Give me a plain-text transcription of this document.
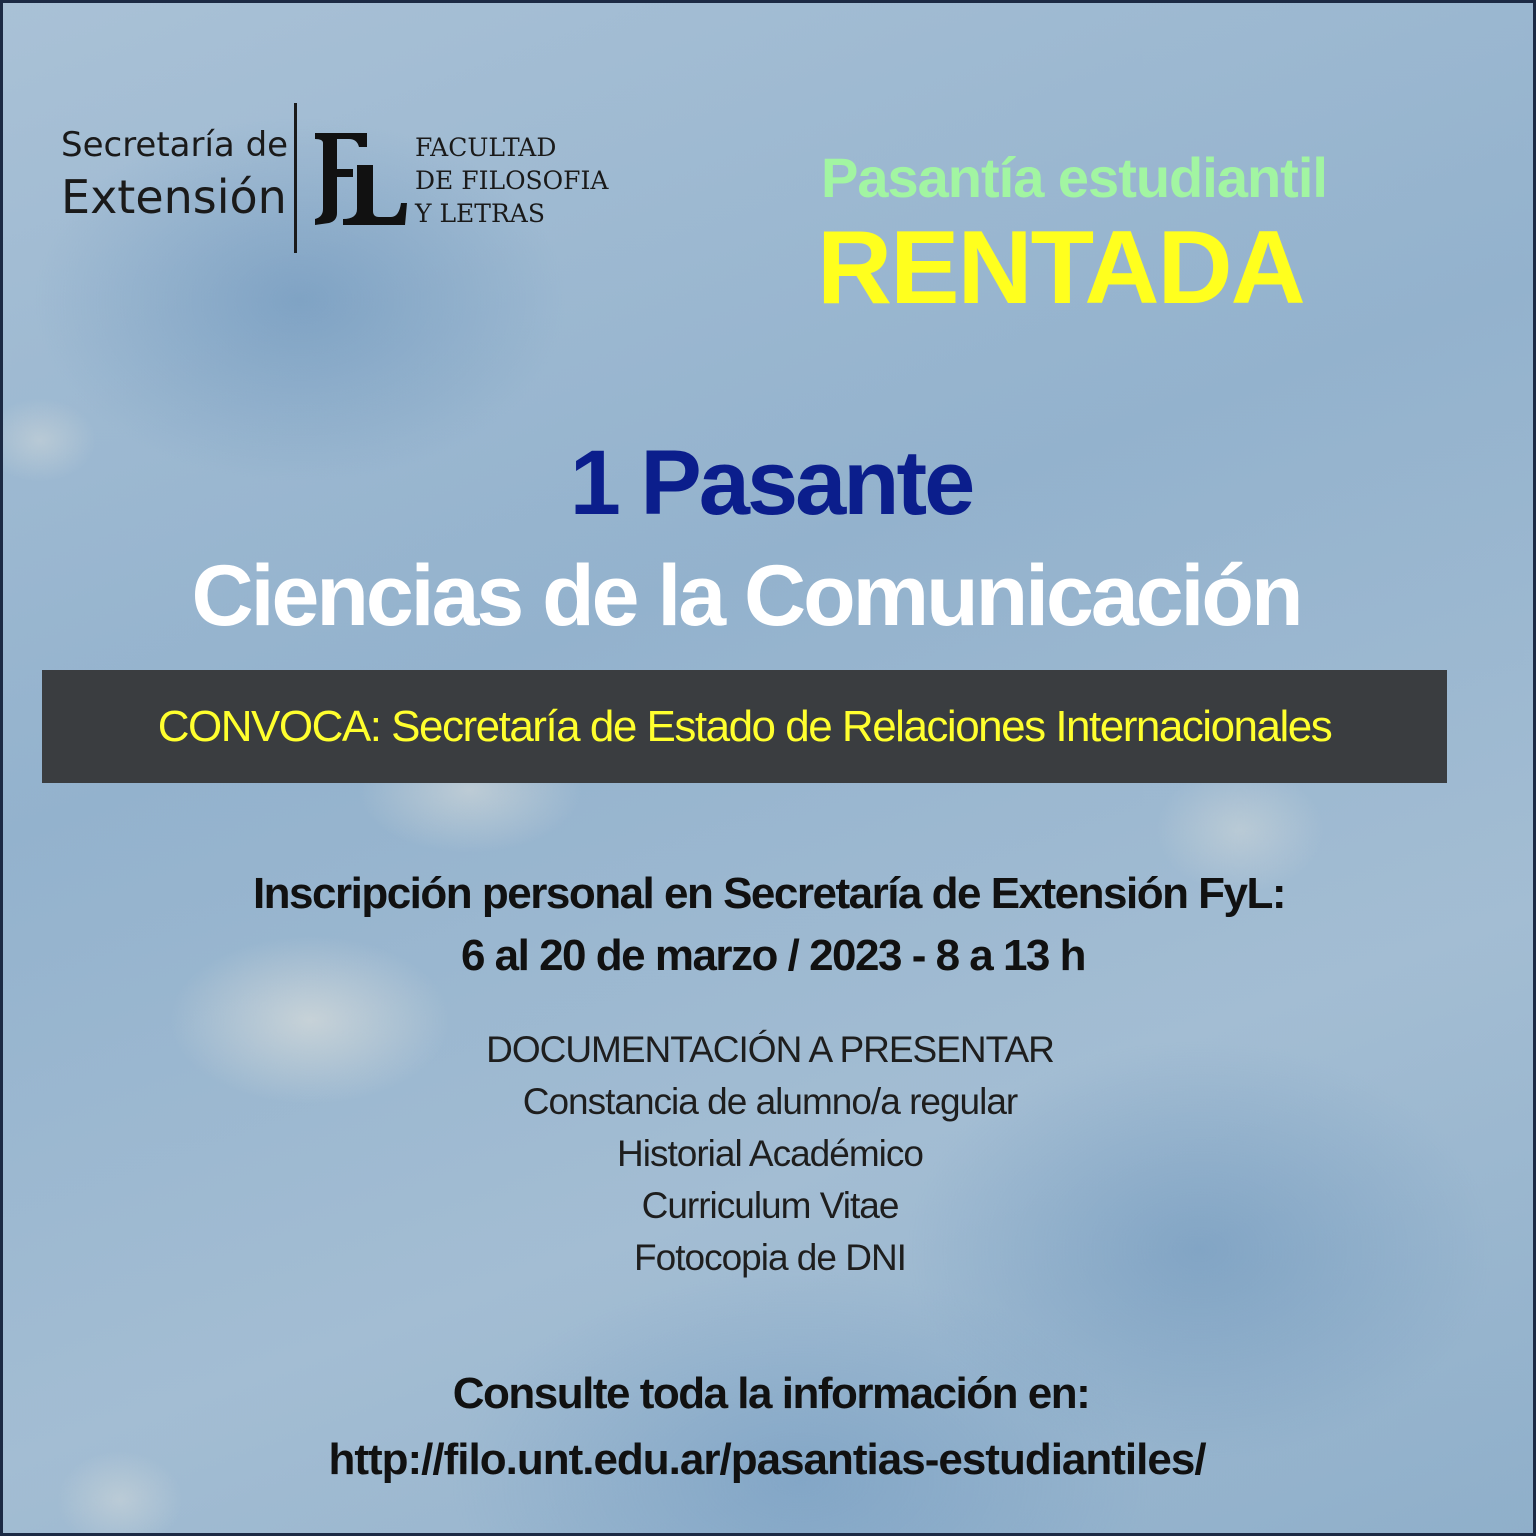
Secretaría de
Extensión
FACULTAD
DE FILOSOFIA
Y LETRAS
Pasantía estudiantil
RENTADA
1 Pasante
Ciencias de la Comunicación
CONVOCA: Secretaría de Estado de Relaciones Internacionales
Inscripción personal en Secretaría de Extensión FyL:
6 al 20 de marzo / 2023 - 8 a 13 h
DOCUMENTACIÓN A PRESENTAR
Constancia de alumno/a regular
Historial Académico
Curriculum Vitae
Fotocopia de DNI
Consulte toda la información en:
http://filo.unt.edu.ar/pasantias-estudiantiles/
